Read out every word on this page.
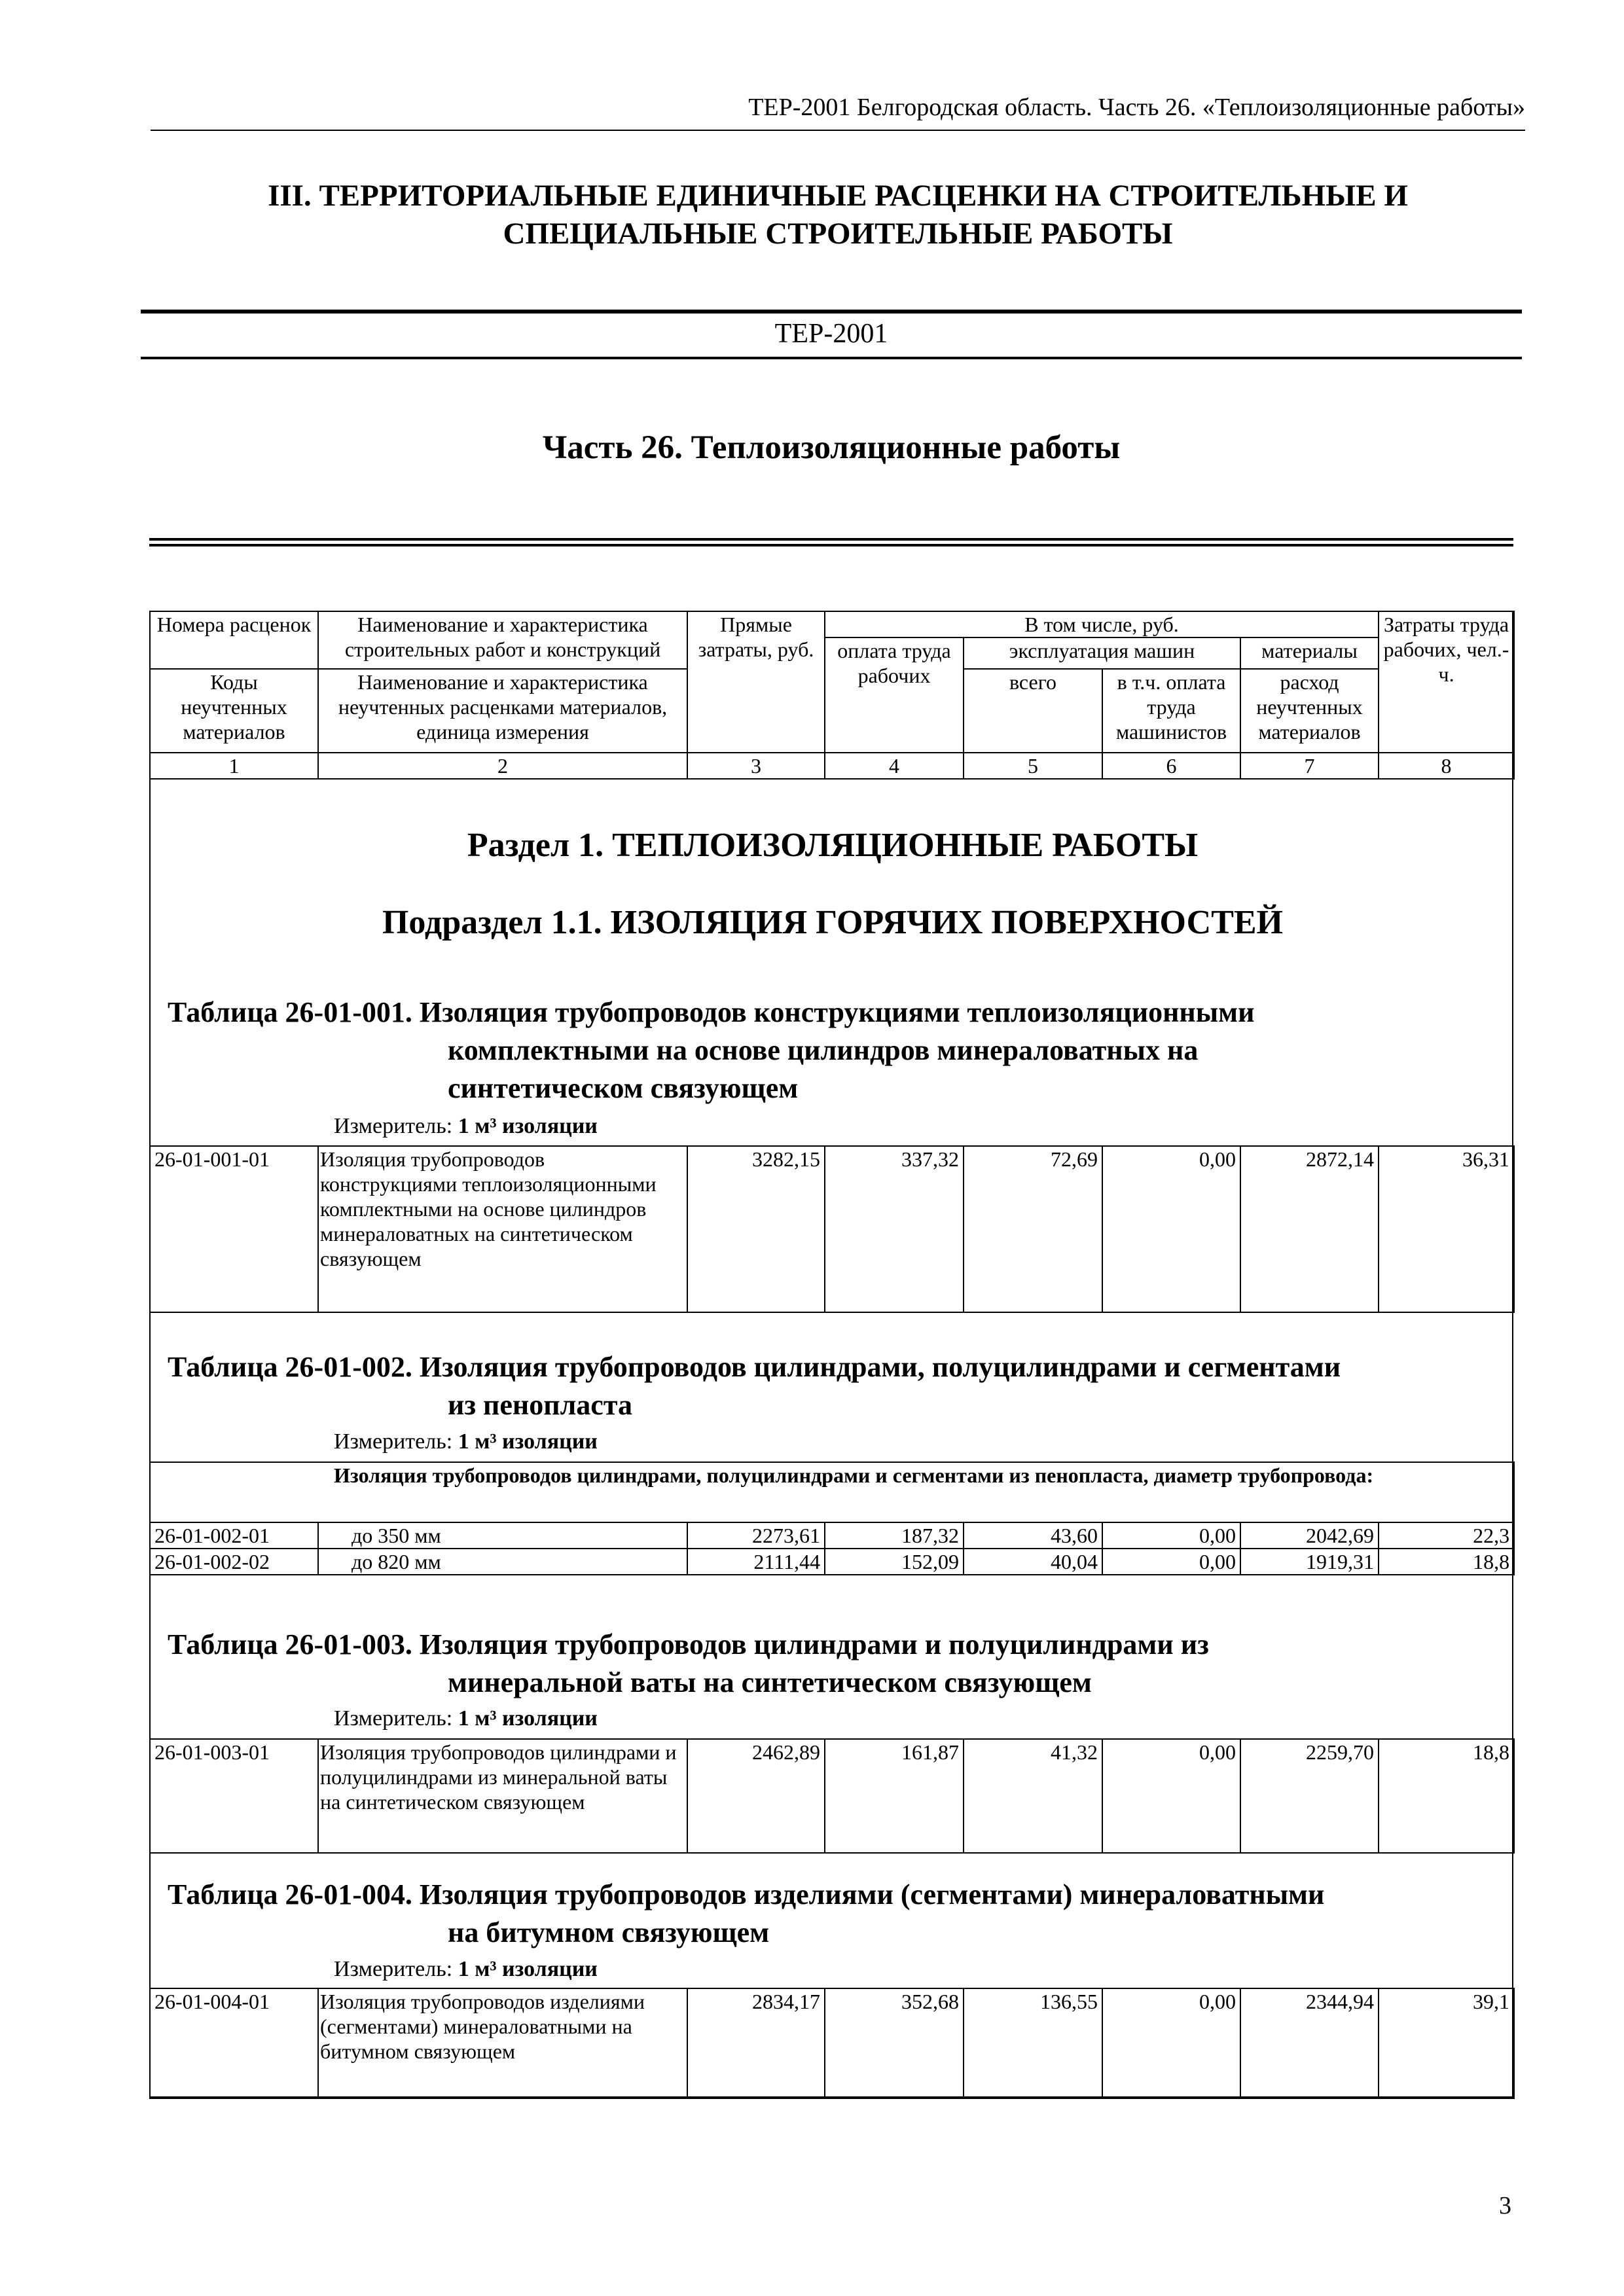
ТЕР-2001 Белгородская область. Часть 26. «Теплоизоляционные работы»
III. ТЕРРИТОРИАЛЬНЫЕ ЕДИНИЧНЫЕ РАСЦЕНКИ НА СТРОИТЕЛЬНЫЕ И
СПЕЦИАЛЬНЫЕ СТРОИТЕЛЬНЫЕ РАБОТЫ
ТЕР-2001
Часть 26. Теплоизоляционные работы
Номера расценок	Наименование и характеристика строительных работ и конструкций	Прямые затраты, руб.	В том числе, руб.				Затраты труда рабочих, чел.-ч.
			оплата труда рабочих	эксплуатация машин		материалы	
Коды неучтенных материалов	Наименование и характеристика неучтенных расценками материалов, единица измерения			всего	в т.ч. оплата труда машинистов	расход неучтенных материалов	

1	2	3	4	5	6	7	8
Раздел 1. ТЕПЛОИЗОЛЯЦИОННЫЕ РАБОТЫ
Подраздел 1.1. ИЗОЛЯЦИЯ ГОРЯЧИХ ПОВЕРХНОСТЕЙ
Таблица 26-01-001. Изоляция трубопроводов конструкциями теплоизоляционными
комплектными на основе цилиндров минераловатных на
синтетическом связующем
Измеритель: 1 м³ изоляции
26-01-001-01	Изоляция трубопроводов конструкциями теплоизоляционными комплектными на основе цилиндров минераловатных на синтетическом связующем	3282,15	337,32	72,69	0,00	2872,14	36,31
Таблица 26-01-002. Изоляция трубопроводов цилиндрами, полуцилиндрами и сегментами
из пенопласта
Измеритель: 1 м³ изоляции
Изоляция трубопроводов цилиндрами, полуцилиндрами и сегментами из пенопласта, диаметр трубопровода:							
26-01-002-01	до 350 мм	2273,61	187,32	43,60	0,00	2042,69	22,3
26-01-002-02	до 820 мм	2111,44	152,09	40,04	0,00	1919,31	18,8
Таблица 26-01-003. Изоляция трубопроводов цилиндрами и полуцилиндрами из
минеральной ваты на синтетическом связующем
Измеритель: 1 м³ изоляции
26-01-003-01	Изоляция трубопроводов цилиндрами и полуцилиндрами из минеральной ваты на синтетическом связующем	2462,89	161,87	41,32	0,00	2259,70	18,8
Таблица 26-01-004. Изоляция трубопроводов изделиями (сегментами) минераловатными
на битумном связующем
Измеритель: 1 м³ изоляции
26-01-004-01	Изоляция трубопроводов изделиями (сегментами) минераловатными на битумном связующем	2834,17	352,68	136,55	0,00	2344,94	39,1
3
